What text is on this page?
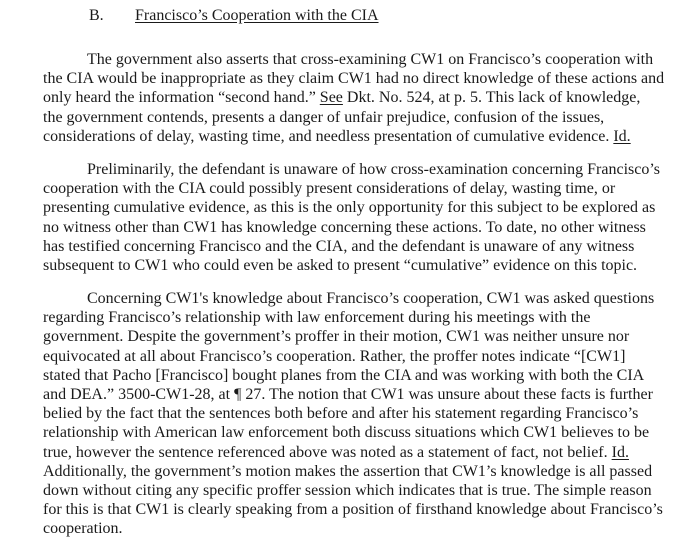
B. Francisco’s Cooperation with the CIA
The government also asserts that cross-examining CW1 on Francisco’s cooperation with
the CIA would be inappropriate as they claim CW1 had no direct knowledge of these actions and
only heard the information “second hand.” See Dkt. No. 524, at p. 5. This lack of knowledge,
the government contends, presents a danger of unfair prejudice, confusion of the issues,
considerations of delay, wasting time, and needless presentation of cumulative evidence. Id.
Preliminarily, the defendant is unaware of how cross-examination concerning Francisco’s
cooperation with the CIA could possibly present considerations of delay, wasting time, or
presenting cumulative evidence, as this is the only opportunity for this subject to be explored as
no witness other than CW1 has knowledge concerning these actions. To date, no other witness
has testified concerning Francisco and the CIA, and the defendant is unaware of any witness
subsequent to CW1 who could even be asked to present “cumulative” evidence on this topic.
Concerning CW1's knowledge about Francisco’s cooperation, CW1 was asked questions
regarding Francisco’s relationship with law enforcement during his meetings with the
government. Despite the government’s proffer in their motion, CW1 was neither unsure nor
equivocated at all about Francisco’s cooperation. Rather, the proffer notes indicate “[CW1]
stated that Pacho [Francisco] bought planes from the CIA and was working with both the CIA
and DEA.” 3500-CW1-28, at ¶ 27. The notion that CW1 was unsure about these facts is further
belied by the fact that the sentences both before and after his statement regarding Francisco’s
relationship with American law enforcement both discuss situations which CW1 believes to be
true, however the sentence referenced above was noted as a statement of fact, not belief. Id.
Additionally, the government’s motion makes the assertion that CW1’s knowledge is all passed
down without citing any specific proffer session which indicates that is true. The simple reason
for this is that CW1 is clearly speaking from a position of firsthand knowledge about Francisco’s
cooperation.
